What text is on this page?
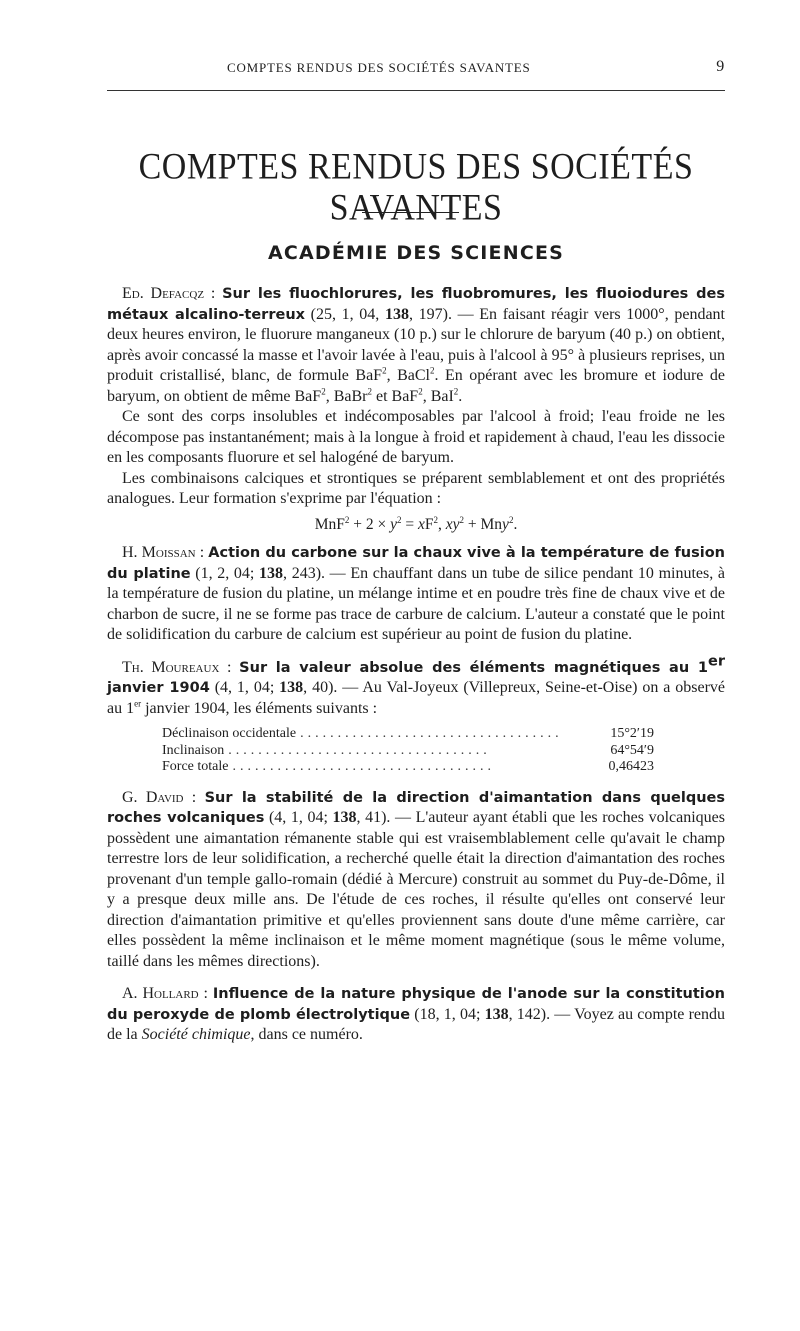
COMPTES RENDUS DES SOCIÉTÉS SAVANTES	9
COMPTES RENDUS DES SOCIÉTÉS SAVANTES
ACADÉMIE DES SCIENCES

Ed. Defacqz : Sur les fluochlorures, les fluobromures, les fluoiodures des métaux alcalino-terreux (25, 1, 04, 138, 197). — En faisant réagir vers 1000°, pendant deux heures environ, le fluorure manganeux (10 p.) sur le chlorure de baryum (40 p.) on obtient, après avoir concassé la masse et l'avoir lavée à l'eau, puis à l'alcool à 95° à plusieurs reprises, un produit cristallisé, blanc, de formule BaF$^2$, BaCl$^2$. En opérant avec les bromure et iodure de baryum, on obtient de même BaF$^2$, BaBr$^2$ et BaF$^2$, BaI$^2$.

Ce sont des corps insolubles et indécomposables par l'alcool à froid; l'eau froide ne les décompose pas instantanément; mais à la longue à froid et rapidement à chaud, l'eau les dissocie en les composants fluorure et sel halogéné de baryum.

Les combinaisons calciques et strontiques se préparent semblablement et ont des propriétés analogues. Leur formation s'exprime par l'équation :

$MnF^2 + 2 \times y^2 = xF^2$, $xy^2 + Mny^2$.

H. Moissan : Action du carbone sur la chaux vive à la température de fusion du platine (1, 2, 04; 138, 243). — En chauffant dans un tube de silice pendant 10 minutes, à la température de fusion du platine, un mélange intime et en poudre très fine de chaux vive et de charbon de sucre, il ne se forme pas trace de carbure de calcium. L'auteur a constaté que le point de solidification du carbure de calcium est supérieur au point de fusion du platine.

Th. Moureaux : Sur la valeur absolue des éléments magnétiques au 1er janvier 1904 (4, 1, 04; 138, 40). — Au Val-Joyeux (Villepreux, Seine-et-Oise) on a observé au 1er janvier 1904, les éléments suivants :

Déclinaison occidentale ...................................	15°2′19
Inclinaison ...................................	64°54′9
Force totale ...................................	0,46423

G. David : Sur la stabilité de la direction d'aimantation dans quelques roches volcaniques (4, 1, 04; 138, 41). — L'auteur ayant établi que les roches volcaniques possèdent une aimantation rémanente stable qui est vraisemblablement celle qu'avait le champ terrestre lors de leur solidification, a recherché quelle était la direction d'aimantation des roches provenant d'un temple gallo-romain (dédié à Mercure) construit au sommet du Puy-de-Dôme, il y a presque deux mille ans. De l'étude de ces roches, il résulte qu'elles ont conservé leur direction d'aimantation primitive et qu'elles proviennent sans doute d'une même carrière, car elles possèdent la même inclinaison et le même moment magnétique (sous le même volume, taillé dans les mêmes directions).

A. Hollard : Influence de la nature physique de l'anode sur la constitution du peroxyde de plomb électrolytique (18, 1, 04; 138, 142). — Voyez au compte rendu de la Société chimique, dans ce numéro.
